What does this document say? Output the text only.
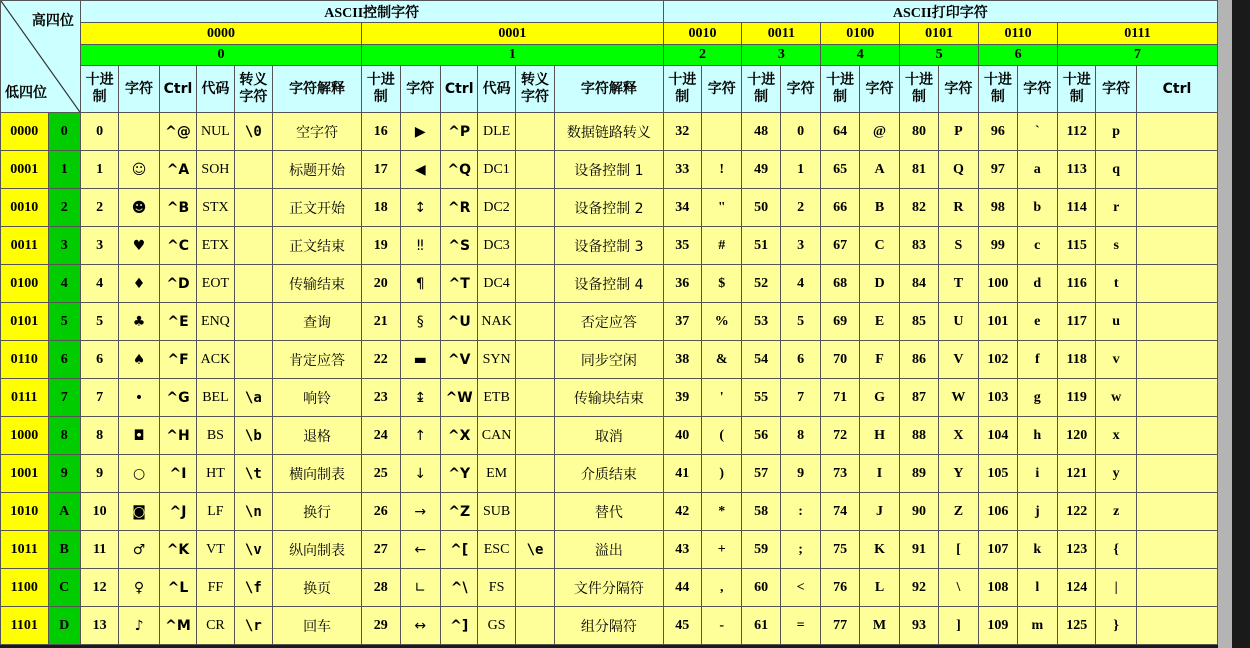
高四位
低四位		ASCII控制字符												ASCII打印字符												
		0000						0001						0010		0011		0100		0101		0110		0111		
		0						1						2		3		4		5		6		7		
		十进制	字符	Ctrl	代码	转义字符	字符解释	十进制	字符	Ctrl	代码	转义字符	字符解释	十进制	字符	十进制	字符	十进制	字符	十进制	字符	十进制	字符	十进制	字符	Ctrl
0000	0	0		^@	NUL	\0	空字符	16	▶	^P	DLE		数据链路转义	32		48	0	64	@	80	P	96	`	112	p	
0001	1	1	☺	^A	SOH		标题开始	17	◀	^Q	DC1		设备控制 1	33	!	49	1	65	A	81	Q	97	a	113	q	
0010	2	2	☻	^B	STX		正文开始	18	↕	^R	DC2		设备控制 2	34	"	50	2	66	B	82	R	98	b	114	r	
0011	3	3	♥	^C	ETX		正文结束	19	‼	^S	DC3		设备控制 3	35	#	51	3	67	C	83	S	99	c	115	s	
0100	4	4	♦	^D	EOT		传输结束	20	¶	^T	DC4		设备控制 4	36	$	52	4	68	D	84	T	100	d	116	t	
0101	5	5	♣	^E	ENQ		查询	21	§	^U	NAK		否定应答	37	%	53	5	69	E	85	U	101	e	117	u	
0110	6	6	♠	^F	ACK		肯定应答	22	▬	^V	SYN		同步空闲	38	&	54	6	70	F	86	V	102	f	118	v	
0111	7	7	•	^G	BEL	\a	响铃	23	↨	^W	ETB		传输块结束	39	'	55	7	71	G	87	W	103	g	119	w	
1000	8	8	◘	^H	BS	\b	退格	24	↑	^X	CAN		取消	40	(	56	8	72	H	88	X	104	h	120	x	
1001	9	9	○	^I	HT	\t	横向制表	25	↓	^Y	EM		介质结束	41	)	57	9	73	I	89	Y	105	i	121	y	
1010	A	10	◙	^J	LF	\n	换行	26	→	^Z	SUB		替代	42	*	58	:	74	J	90	Z	106	j	122	z	
1011	B	11	♂	^K	VT	\v	纵向制表	27	←	^[	ESC	\e	溢出	43	+	59	;	75	K	91	[	107	k	123	{	
1100	C	12	♀	^L	FF	\f	换页	28	∟	^\	FS		文件分隔符	44	,	60	<	76	L	92	\	108	l	124	|	
1101	D	13	♪	^M	CR	\r	回车	29	↔	^]	GS		组分隔符	45	-	61	=	77	M	93	]	109	m	125	}	
